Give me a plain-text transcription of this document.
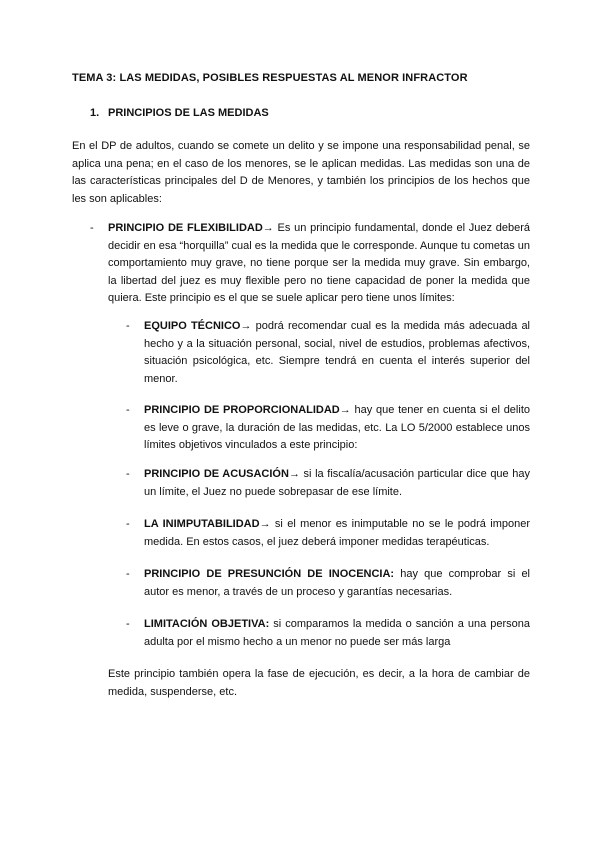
TEMA 3: LAS MEDIDAS, POSIBLES RESPUESTAS AL MENOR INFRACTOR

1. PRINCIPIOS DE LAS MEDIDAS

En el DP de adultos, cuando se comete un delito y se impone una responsabilidad penal, se aplica una pena; en el caso de los menores, se le aplican medidas. Las medidas son una de las características principales del D de Menores, y también los principios de los hechos que les son aplicables:

- PRINCIPIO DE FLEXIBILIDAD→ Es un principio fundamental, donde el Juez deberá decidir en esa “horquilla” cual es la medida que le corresponde. Aunque tu cometas un comportamiento muy grave, no tiene porque ser la medida muy grave. Sin embargo, la libertad del juez es muy flexible pero no tiene capacidad de poner la medida que quiera. Este principio es el que se suele aplicar pero tiene unos límites:

- EQUIPO TÉCNICO→ podrá recomendar cual es la medida más adecuada al hecho y a la situación personal, social, nivel de estudios, problemas afectivos, situación psicológica, etc. Siempre tendrá en cuenta el interés superior del menor.

- PRINCIPIO DE PROPORCIONALIDAD→ hay que tener en cuenta si el delito es leve o grave, la duración de las medidas, etc. La LO 5/2000 establece unos límites objetivos vinculados a este principio:

- PRINCIPIO DE ACUSACIÓN→ si la fiscalía/acusación particular dice que hay un límite, el Juez no puede sobrepasar de ese límite.

- LA INIMPUTABILIDAD→ si el menor es inimputable no se le podrá imponer medida. En estos casos, el juez deberá imponer medidas terapéuticas.

- PRINCIPIO DE PRESUNCIÓN DE INOCENCIA: hay que comprobar si el autor es menor, a través de un proceso y garantías necesarias.

- LIMITACIÓN OBJETIVA: si comparamos la medida o sanción a una persona adulta por el mismo hecho a un menor no puede ser más larga

Este principio también opera la fase de ejecución, es decir, a la hora de cambiar de medida, suspenderse, etc.
